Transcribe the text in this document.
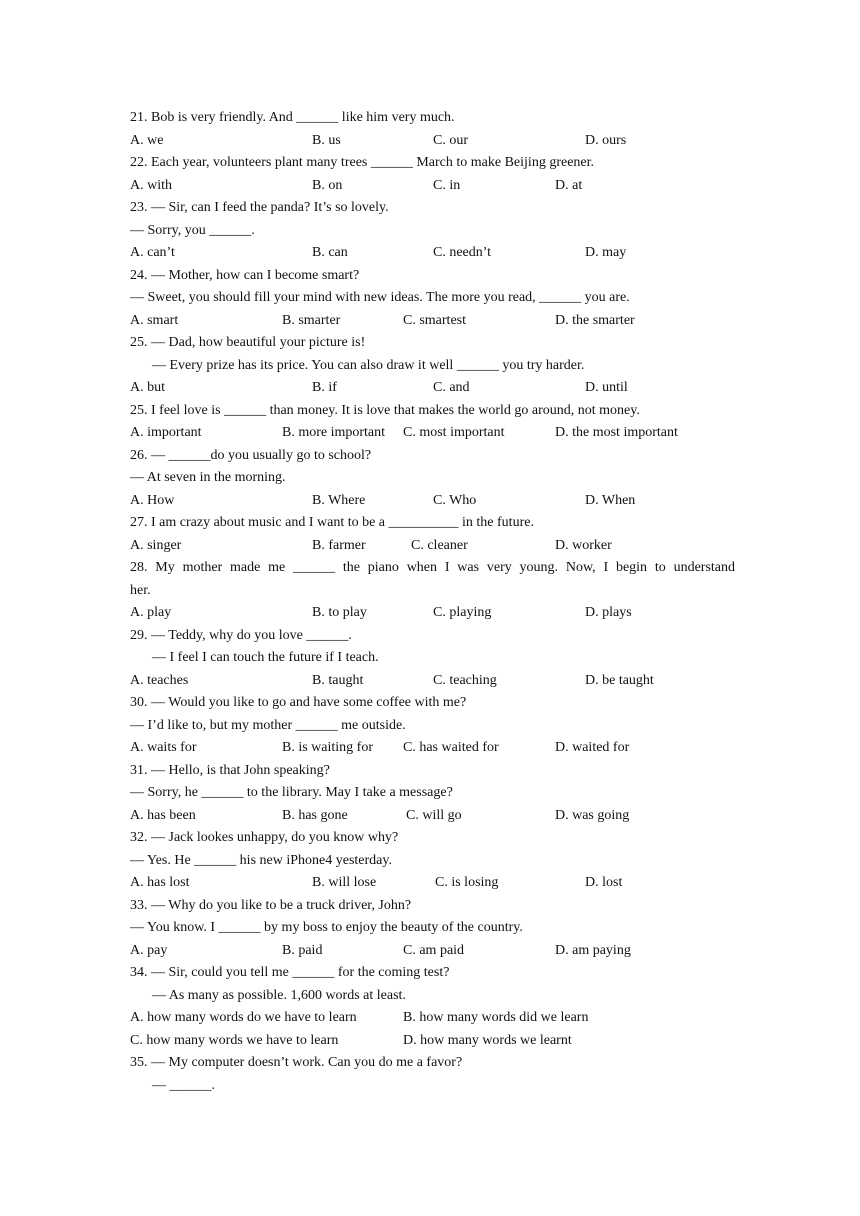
21. Bob is very friendly. And ______ like him very much.
A. we	B. us	C. our	D. ours
22. Each year, volunteers plant many trees ______ March to make Beijing greener.
A. with	B. on	C. in	D. at
23. — Sir, can I feed the panda? It’s so lovely.
— Sorry, you ______.
A. can’t	B. can	C. needn’t	D. may
24. — Mother, how can I become smart?
— Sweet, you should fill your mind with new ideas. The more you read, ______ you are.
A. smart	B. smarter	C. smartest	D. the smarter
25. — Dad, how beautiful your picture is!
— Every prize has its price. You can also draw it well ______ you try harder.
A. but	B. if	C. and	D. until
25. I feel love is ______ than money. It is love that makes the world go around, not money.
A. important	B. more important C. most important	D. the most important
26. — ______do you usually go to school?
— At seven in the morning.
A. How	B. Where	C. Who	D. When
27. I am crazy about music and I want to be a __________ in the future.
A. singer	B. farmer	C. cleaner	D. worker
28. My mother made me ______ the piano when I was very young. Now, I begin to understand
her.
A. play	B. to play	C. playing	D. plays
29. — Teddy, why do you love ______.
— I feel I can touch the future if I teach.
A. teaches	B. taught	C. teaching	D. be taught
30. — Would you like to go and have some coffee with me?
— I’d like to, but my mother ______ me outside.
A. waits for	B. is waiting for C. has waited for	D. waited for
31. — Hello, is that John speaking?
— Sorry, he ______ to the library. May I take a message?
A. has been	B. has gone	C. will go	D. was going
32. — Jack lookes unhappy, do you know why?
— Yes. He ______ his new iPhone4 yesterday.
A. has lost	B. will lose	C. is losing	D. lost
33. — Why do you like to be a truck driver, John?
— You know. I ______ by my boss to enjoy the beauty of the country.
A. pay	B. paid	C. am paid	D. am paying
34. — Sir, could you tell me ______ for the coming test?
— As many as possible. 1,600 words at least.
A. how many words do we have to learn	B. how many words did we learn
C. how many words we have to learn	D. how many words we learnt
35. — My computer doesn’t work. Can you do me a favor?
— ______.
